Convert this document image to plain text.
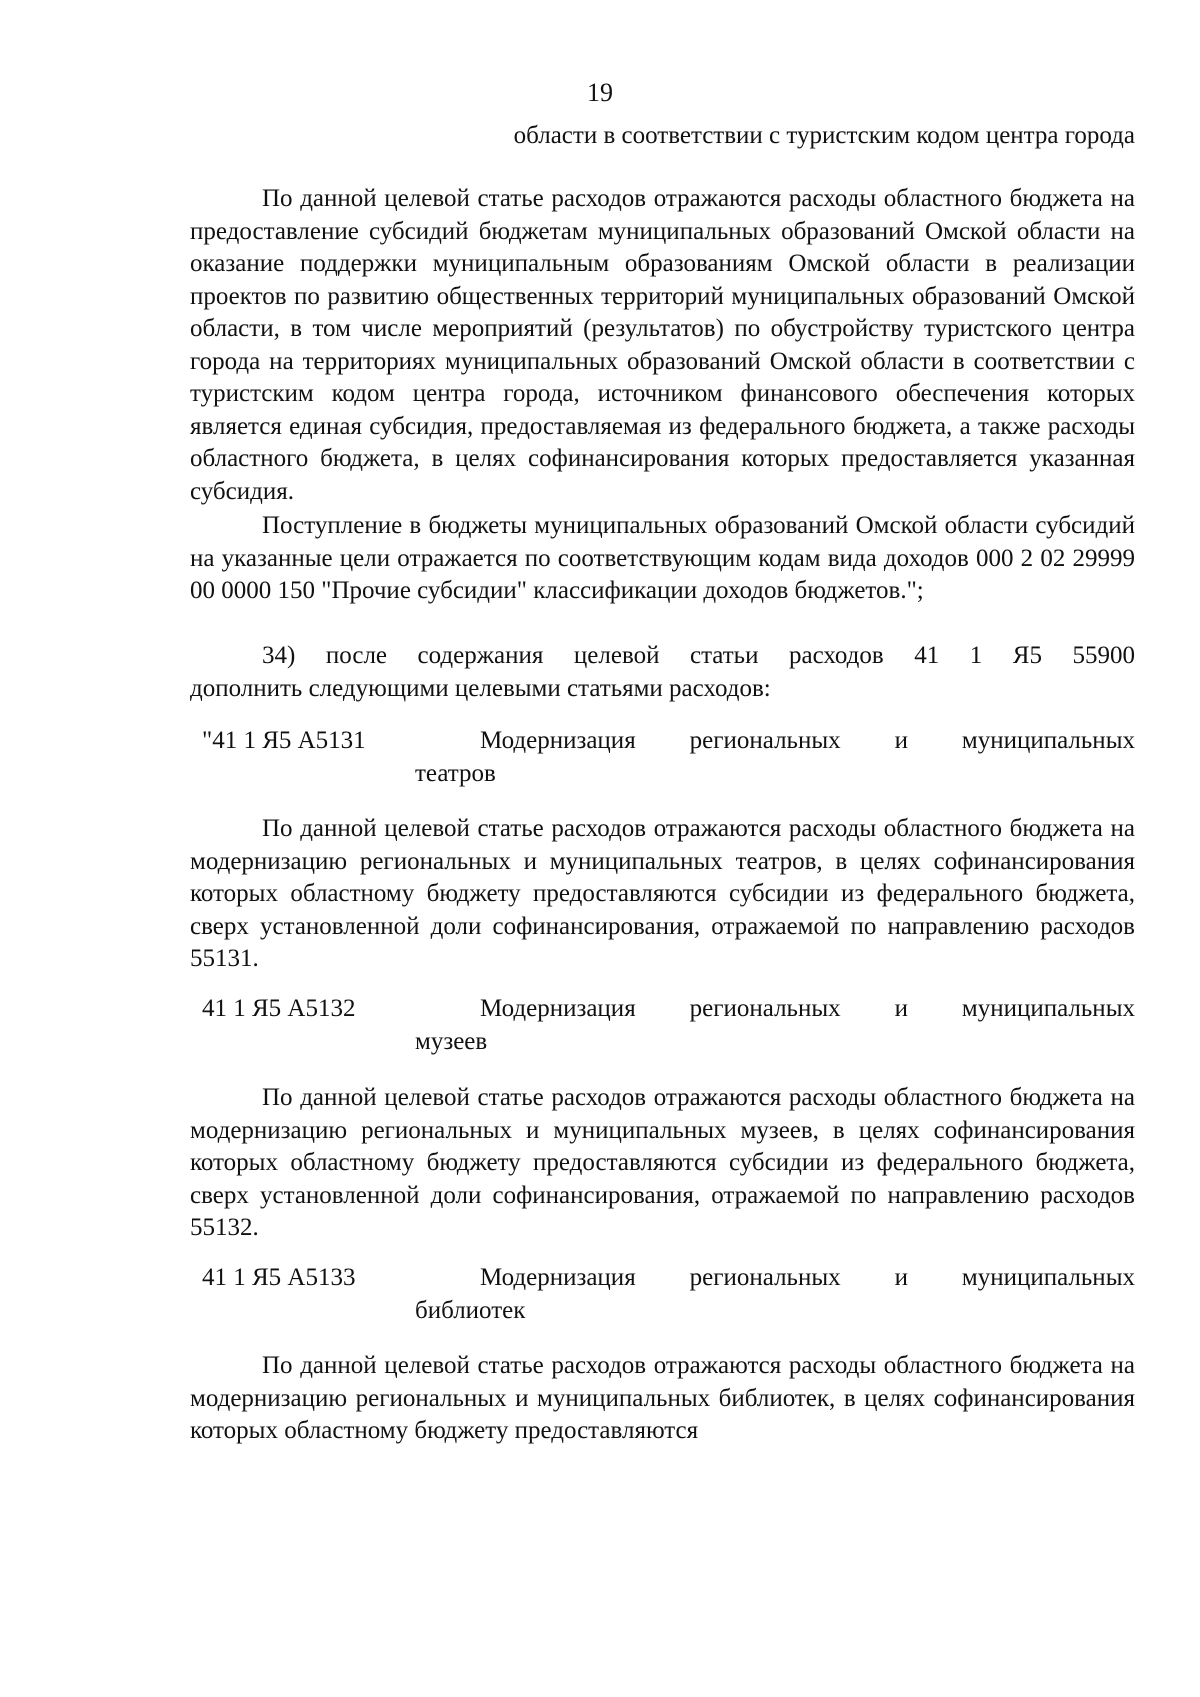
19
области в соответствии с туристским кодом центра города
По данной целевой статье расходов отражаются расходы областного бюджета на предоставление субсидий бюджетам муниципальных образований Омской области на оказание поддержки муниципальным образованиям Омской области в реализации проектов по развитию общественных территорий муниципальных образований Омской области, в том числе мероприятий (результатов) по обустройству туристского центра города на территориях муниципальных образований Омской области в соответствии с туристским кодом центра города, источником финансового обеспечения которых является единая субсидия, предоставляемая из федерального бюджета, а также расходы областного бюджета, в целях софинансирования которых предоставляется указанная субсидия.
Поступление в бюджеты муниципальных образований Омской области субсидий на указанные цели отражается по соответствующим кодам вида доходов 000 2 02 29999 00 0000 150 "Прочие субсидии" классификации доходов бюджетов.";
34) после содержания целевой статьи расходов 41 1 Я5 55900
дополнить следующими целевыми статьями расходов:
"41 1 Я5 А5131	Модернизация региональных и муниципальных
театров
По данной целевой статье расходов отражаются расходы областного бюджета на модернизацию региональных и муниципальных театров, в целях софинансирования которых областному бюджету предоставляются субсидии из федерального бюджета, сверх установленной доли софинансирования, отражаемой по направлению расходов 55131.
41 1 Я5 А5132	Модернизация региональных и муниципальных
музеев
По данной целевой статье расходов отражаются расходы областного бюджета на модернизацию региональных и муниципальных музеев, в целях софинансирования которых областному бюджету предоставляются субсидии из федерального бюджета, сверх установленной доли софинансирования, отражаемой по направлению расходов 55132.
41 1 Я5 А5133	Модернизация региональных и муниципальных
библиотек
По данной целевой статье расходов отражаются расходы областного бюджета на модернизацию региональных и муниципальных библиотек, в целях софинансирования которых областному бюджету предоставляются
